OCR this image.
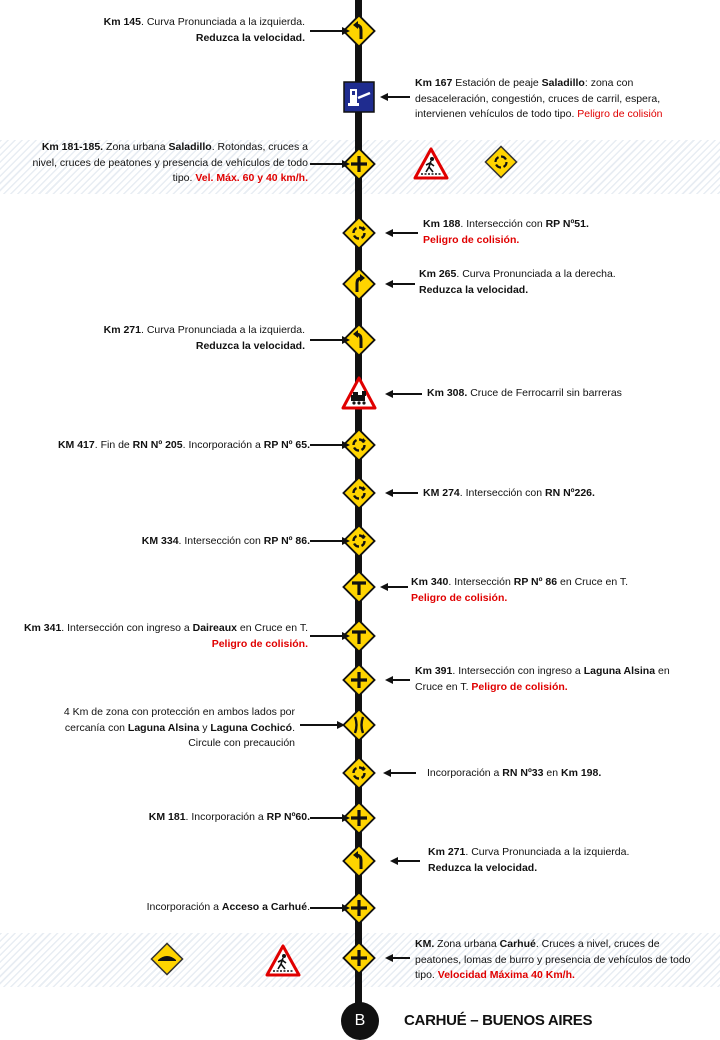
Km 145. Curva Pronunciada a la izquierda.
Reduzca la velocidad.
Km 167 Estación de peaje Saladillo: zona con
desaceleración, congestión, cruces de carril, espera,
intervienen vehículos de todo tipo. Peligro de colisión
Km 181-185. Zona urbana Saladillo. Rotondas, cruces a
nivel, cruces de peatones y presencia de vehículos de todo
tipo. Vel. Máx. 60 y 40 km/h.
Km 188. Intersección con RP Nº51.
Peligro de colisión.
Km 265. Curva Pronunciada a la derecha.
Reduzca la velocidad.
Km 271. Curva Pronunciada a la izquierda.
Reduzca la velocidad.
Km 308. Cruce de Ferrocarril sin barreras
KM 417. Fin de RN Nº 205. Incorporación a RP Nº 65.
KM 274. Intersección con RN Nº226.
KM 334. Intersección con RP Nº 86.
Km 340. Intersección RP Nº 86 en Cruce en T.
Peligro de colisión.
Km 341. Intersección con ingreso a Daireaux en Cruce en T.
Peligro de colisión.
Km 391. Intersección con ingreso a Laguna Alsina en
Cruce en T. Peligro de colisión.
4 Km de zona con protección en ambos lados por
cercanía con Laguna Alsina y Laguna Cochicó.
Circule con precaución
Incorporación a RN Nº33 en Km 198.
KM 181. Incorporación a RP Nº60.
Km 271. Curva Pronunciada a la izquierda.
Reduzca la velocidad.
Incorporación a Acceso a Carhué.
KM. Zona urbana Carhué. Cruces a nivel, cruces de
peatones, lomas de burro y presencia de vehículos de todo
tipo. Velocidad Máxima 40 Km/h.
B	CARHUÉ – BUENOS AIRES
